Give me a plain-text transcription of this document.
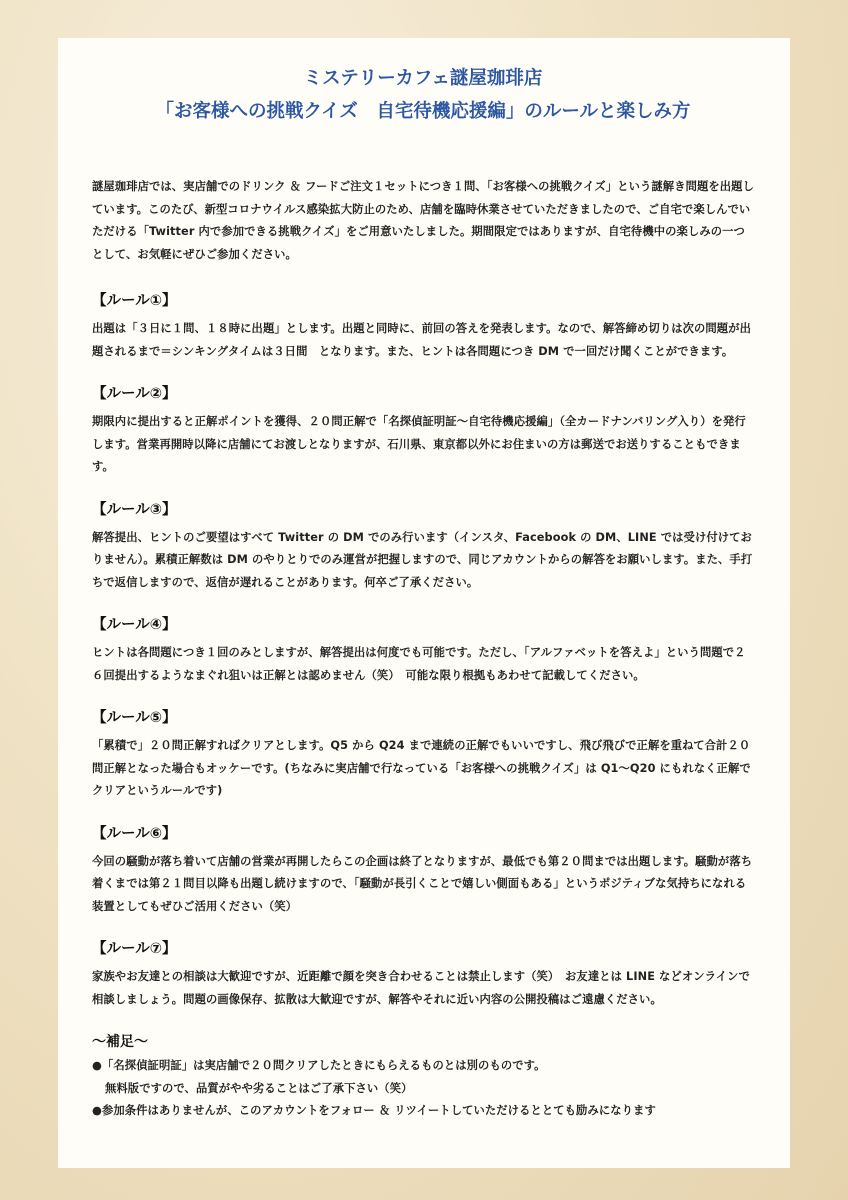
ミステリーカフェ謎屋珈琲店
「お客様への挑戦クイズ　自宅待機応援編」のルールと楽しみ方

謎屋珈琲店では、実店舗でのドリンク ＆ フードご注文１セットにつき１問、「お客様への挑戦クイズ」という謎解き問題を出題しています。このたび、新型コロナウイルス感染拡大防止のため、店舗を臨時休業させていただきましたので、ご自宅で楽しんでいただける「Twitter 内で参加できる挑戦クイズ」をご用意いたしました。期間限定ではありますが、自宅待機中の楽しみの一つとして、お気軽にぜひご参加ください。

【ルール①】

出題は「３日に１問、１８時に出題」とします。出題と同時に、前回の答えを発表します。なので、解答締め切りは次の問題が出題されるまで＝シンキングタイムは３日間　となります。また、ヒントは各問題につき DM で一回だけ聞くことができます。

【ルール②】

期限内に提出すると正解ポイントを獲得、２０問正解で「名探偵証明証〜自宅待機応援編」（全カードナンバリング入り）を発行します。営業再開時以降に店舗にてお渡しとなりますが、石川県、東京都以外にお住まいの方は郵送でお送りすることもできます。

【ルール③】

解答提出、ヒントのご要望はすべて Twitter の DM でのみ行います（インスタ、Facebook の DM、LINE では受け付けておりません）。累積正解数は DM のやりとりでのみ運営が把握しますので、同じアカウントからの解答をお願いします。また、手打ちで返信しますので、返信が遅れることがあります。何卒ご了承ください。

【ルール④】

ヒントは各問題につき１回のみとしますが、解答提出は何度でも可能です。ただし、「アルファベットを答えよ」という問題で２６回提出するようなまぐれ狙いは正解とは認めません（笑）　可能な限り根拠もあわせて記載してください。

【ルール⑤】

「累積で」２０問正解すればクリアとします。Q5 から Q24 まで連続の正解でもいいですし、飛び飛びで正解を重ねて合計２０問正解となった場合もオッケーです。(ちなみに実店舗で行なっている「お客様への挑戦クイズ」は Q1〜Q20 にもれなく正解でクリアというルールです)

【ルール⑥】

今回の騒動が落ち着いて店舗の営業が再開したらこの企画は終了となりますが、最低でも第２０問までは出題します。騒動が落ち着くまでは第２１問目以降も出題し続けますので、「騒動が長引くことで嬉しい側面もある」というポジティブな気持ちになれる装置としてもぜひご活用ください（笑）

【ルール⑦】

家族やお友達との相談は大歓迎ですが、近距離で顔を突き合わせることは禁止します（笑）　お友達とは LINE などオンラインで相談しましょう。問題の画像保存、拡散は大歓迎ですが、解答やそれに近い内容の公開投稿はご遠慮ください。

〜補足〜

●「名探偵証明証」は実店舗で２０問クリアしたときにもらえるものとは別のものです。

無料版ですので、品質がやや劣ることはご了承下さい（笑）

●参加条件はありませんが、このアカウントをフォロー ＆ リツイートしていただけるととても励みになります
